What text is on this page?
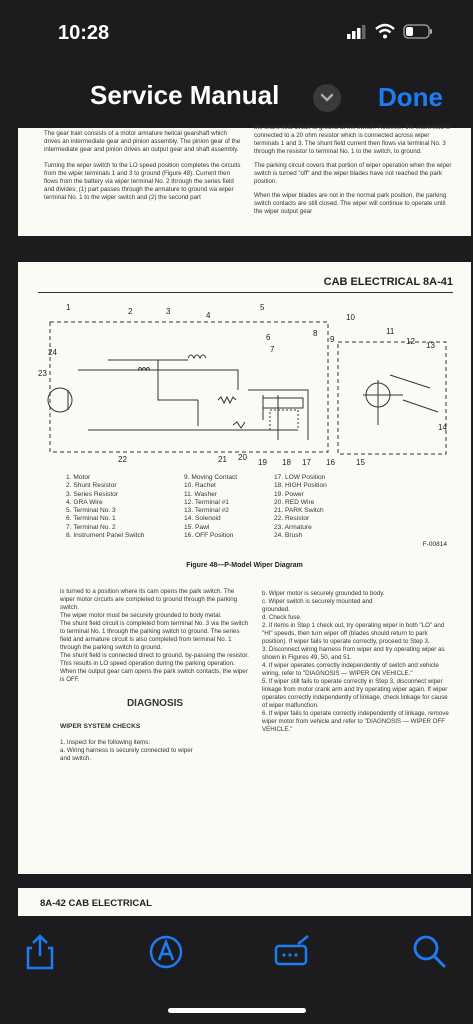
10:28
Service Manual	Done

The gear train consists of a motor armature helical gearshaft which drives an intermediate gear and pinion assembly. The pinion gear of the intermediate gear and pinion drives an output gear and shaft assembly.

Turning the wiper switch to the LO speed position completes the circuits from the wiper terminals 1 and 3 to ground (Figure 48). Current then flows from the battery via wiper terminal No. 2 through the series field and divides; (1) part passes through the armature to ground via wiper terminal No. 1 to the wiper switch and (2) the second part

the shunt field circuit to ground at the switch. However, the shunt field is connected to a 20 ohm resistor which is connected across wiper terminals 1 and 3. The shunt field current then flows via terminal No. 3 through the resistor to terminal No. 1 to the switch, to ground.

The parking circuit covers that portion of wiper operation when the wiper switch is turned "off" and the wiper blades have not reached the park position.

When the wiper blades are not in the normal park position, the parking switch contacts are still closed. The wiper will continue to operate until the wiper output gear

CAB ELECTRICAL 8A-41
1	2	3	4
5
6
7
8
9
10
11
12 13
14
15
16
17
18
19
20
21
22
23
24
1. Motor
2. Shunt Resistor
3. Series Resistor
4. GRA Wire
5. Terminal No. 3
6. Terminal No. 1
7. Terminal No. 2
8. Instrument Panel Switch
9. Moving Contact
10. Rachet
11. Washer
12. Terminal #1
13. Terminal #2
14. Solenoid
15. Pawl
16. OFF Position
17. LOW Position
18. HIGH Position
19. Power
20. RED Wire
21. PARK Switch
22. Resistor
23. Armature
24. Brush
F-00814
Figure 48—P-Model Wiper Diagram

is turned to a position where its cam opens the park switch. The wiper motor circuits are completed to ground through the parking switch.
The wiper motor must be securely grounded to body metal.
The shunt field circuit is completed from terminal No. 3 via the switch to terminal No. 1 through the parking switch to ground. The series field and armature circuit is also completed from terminal No. 1 through the parking switch to ground.
The shunt field is connected direct to ground, by-passing the resistor. This results in LO speed operation during the parking operation.
When the output gear cam opens the park switch contacts, the wiper is OFF.

DIAGNOSIS

WIPER SYSTEM CHECKS

1. Inspect for the following items:
a. Wiring harness is securely connected to wiper
and switch.

b. Wiper motor is securely grounded to body.
c. Wiper switch is securely mounted and
grounded.
d. Check fuse.
2. If items in Step 1 check out, try operating wiper in both "LO" and "HI" speeds, then turn wiper off (blades should return to park position). If wiper fails to operate correctly, proceed to Step 3.
3. Disconnect wiring harness from wiper and try operating wiper as shown in Figures 49, 50, and 51.
4. If wiper operates correctly independently of switch and vehicle wiring, refer to "DIAGNOSIS — WIPER ON VEHICLE."
5. If wiper still fails to operate correctly in Step 3, disconnect wiper linkage from motor crank arm and try operating wiper again. If wiper operates correctly independently of linkage, check linkage for cause of wiper malfunction.
6. If wiper fails to operate correctly independently of linkage, remove wiper motor from vehicle and refer to "DIAGNOSIS — WIPER OFF VEHICLE."

8A-42 CAB ELECTRICAL
